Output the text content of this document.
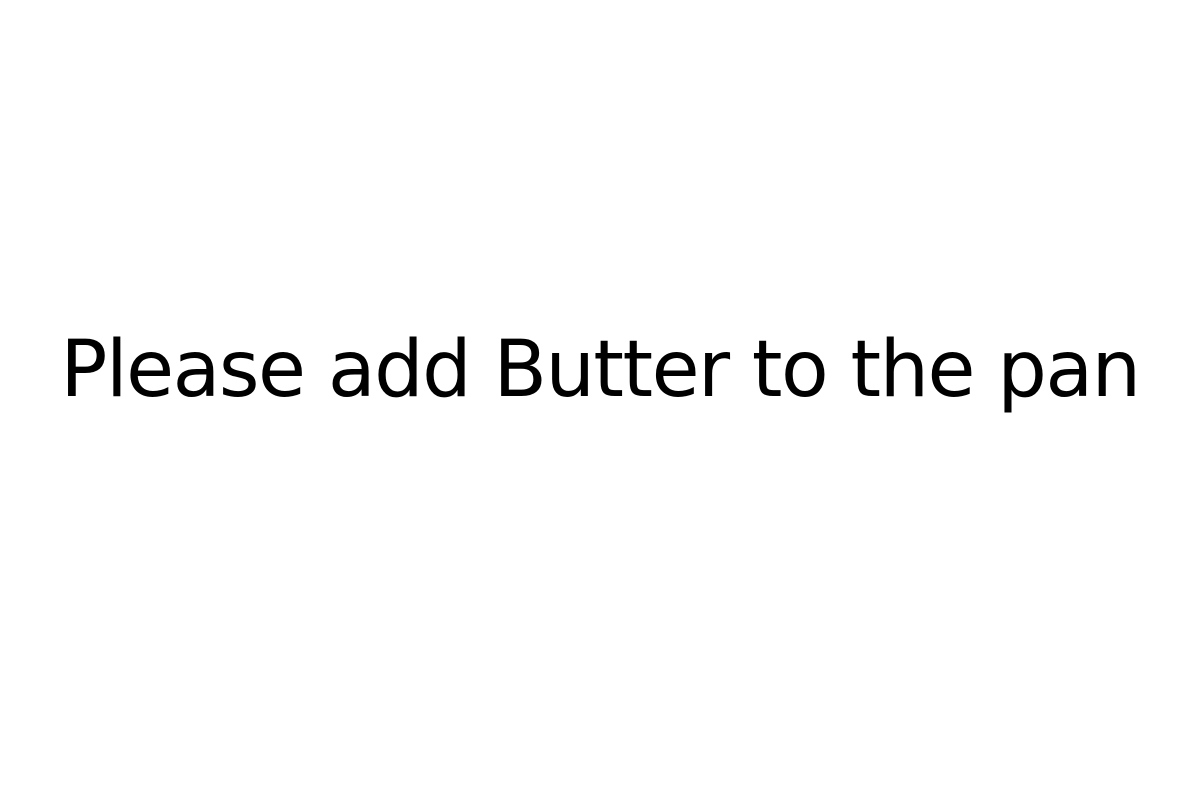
Please add Butter to the pan
